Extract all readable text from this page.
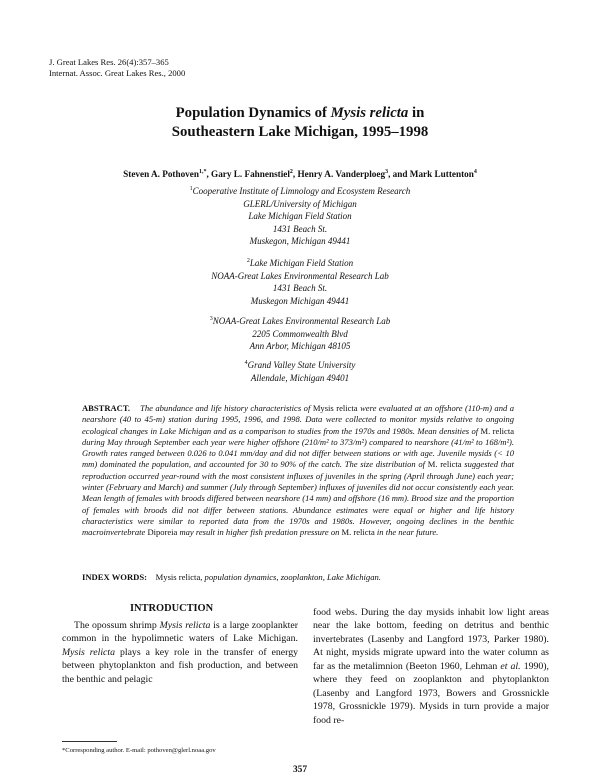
J. Great Lakes Res. 26(4):357–365
Internat. Assoc. Great Lakes Res., 2000
Population Dynamics of Mysis relicta in
Southeastern Lake Michigan, 1995–1998
Steven A. Pothoven$^{1,*}$, Gary L. Fahnenstiel$^2$, Henry A. Vanderploeg$^3$, and Mark Luttenton$^4$
$^1$Cooperative Institute of Limnology and Ecosystem Research
GLERL/University of Michigan
Lake Michigan Field Station
1431 Beach St.
Muskegon, Michigan 49441
$^2$Lake Michigan Field Station
NOAA-Great Lakes Environmental Research Lab
1431 Beach St.
Muskegon Michigan 49441
$^3$NOAA-Great Lakes Environmental Research Lab
2205 Commonwealth Blvd
Ann Arbor, Michigan 48105
$^4$Grand Valley State University
Allendale, Michigan 49401
ABSTRACT. The abundance and life history characteristics of Mysis relicta were evaluated at an offshore (110-m) and a nearshore (40 to 45-m) station during 1995, 1996, and 1998. Data were collected to monitor mysids relative to ongoing ecological changes in Lake Michigan and as a comparison to studies from the 1970s and 1980s. Mean densities of M. relicta during May through September each year were higher offshore (210/m² to 373/m²) compared to nearshore (41/m² to 168/m²). Growth rates ranged between 0.026 to 0.041 mm/day and did not differ between stations or with age. Juvenile mysids (< 10 mm) dominated the population, and accounted for 30 to 90% of the catch. The size distribution of M. relicta suggested that reproduction occurred year-round with the most consistent influxes of juveniles in the spring (April through June) each year; winter (February and March) and summer (July through September) influxes of juveniles did not occur consistently each year. Mean length of females with broods differed between nearshore (14 mm) and offshore (16 mm). Brood size and the proportion of females with broods did not differ between stations. Abundance estimates were equal or higher and life history characteristics were similar to reported data from the 1970s and 1980s. However, ongoing declines in the benthic macroinvertebrate Diporeia may result in higher fish predation pressure on M. relicta in the near future.
INDEX WORDS: Mysis relicta, population dynamics, zooplankton, Lake Michigan.
INTRODUCTION
The opossum shrimp Mysis relicta is a large zooplankter common in the hypolimnetic waters of Lake Michigan. Mysis relicta plays a key role in the transfer of energy between phytoplankton and fish production, and between the benthic and pelagic
food webs. During the day mysids inhabit low light areas near the lake bottom, feeding on detritus and benthic invertebrates (Lasenby and Langford 1973, Parker 1980). At night, mysids migrate upward into the water column as far as the metalimnion (Beeton 1960, Lehman et al. 1990), where they feed on zooplankton and phytoplankton (Lasenby and Langford 1973, Bowers and Grossnickle 1978, Grossnickle 1979). Mysids in turn provide a major food re-
*Corresponding author. E-mail: pothoven@glerl.noaa.gov
357
